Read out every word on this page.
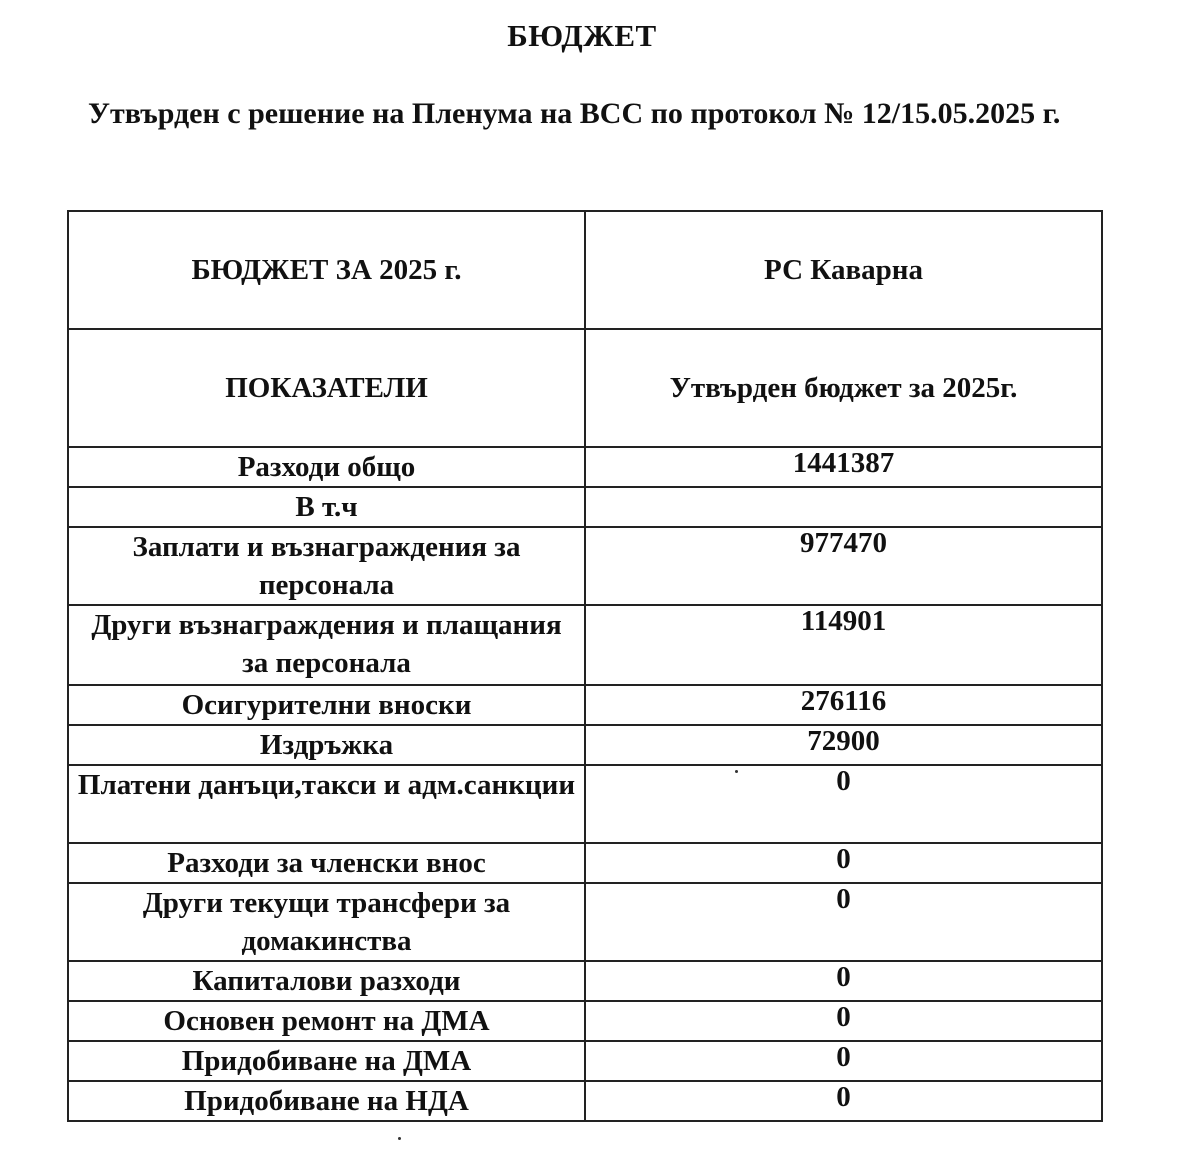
БЮДЖЕТ
Утвърден с решение на Пленума на ВСС по протокол № 12/15.05.2025 г.
БЮДЖЕТ ЗА 2025 г.	РС Каварна
ПОКАЗАТЕЛИ	Утвърден бюджет за 2025г.
Разходи общо	1441387
В т.ч	
Заплати и възнаграждения за персонала	977470
Други възнаграждения и плащания за персонала	114901
Осигурителни вноски	276116
Издръжка	72900
Платени данъци,такси и адм.санкции	0
Разходи за членски внос	0
Други текущи трансфери за домакинства	0
Капиталови разходи	0
Основен ремонт на ДМА	0
Придобиване на ДМА	0
Придобиване на НДА	0
